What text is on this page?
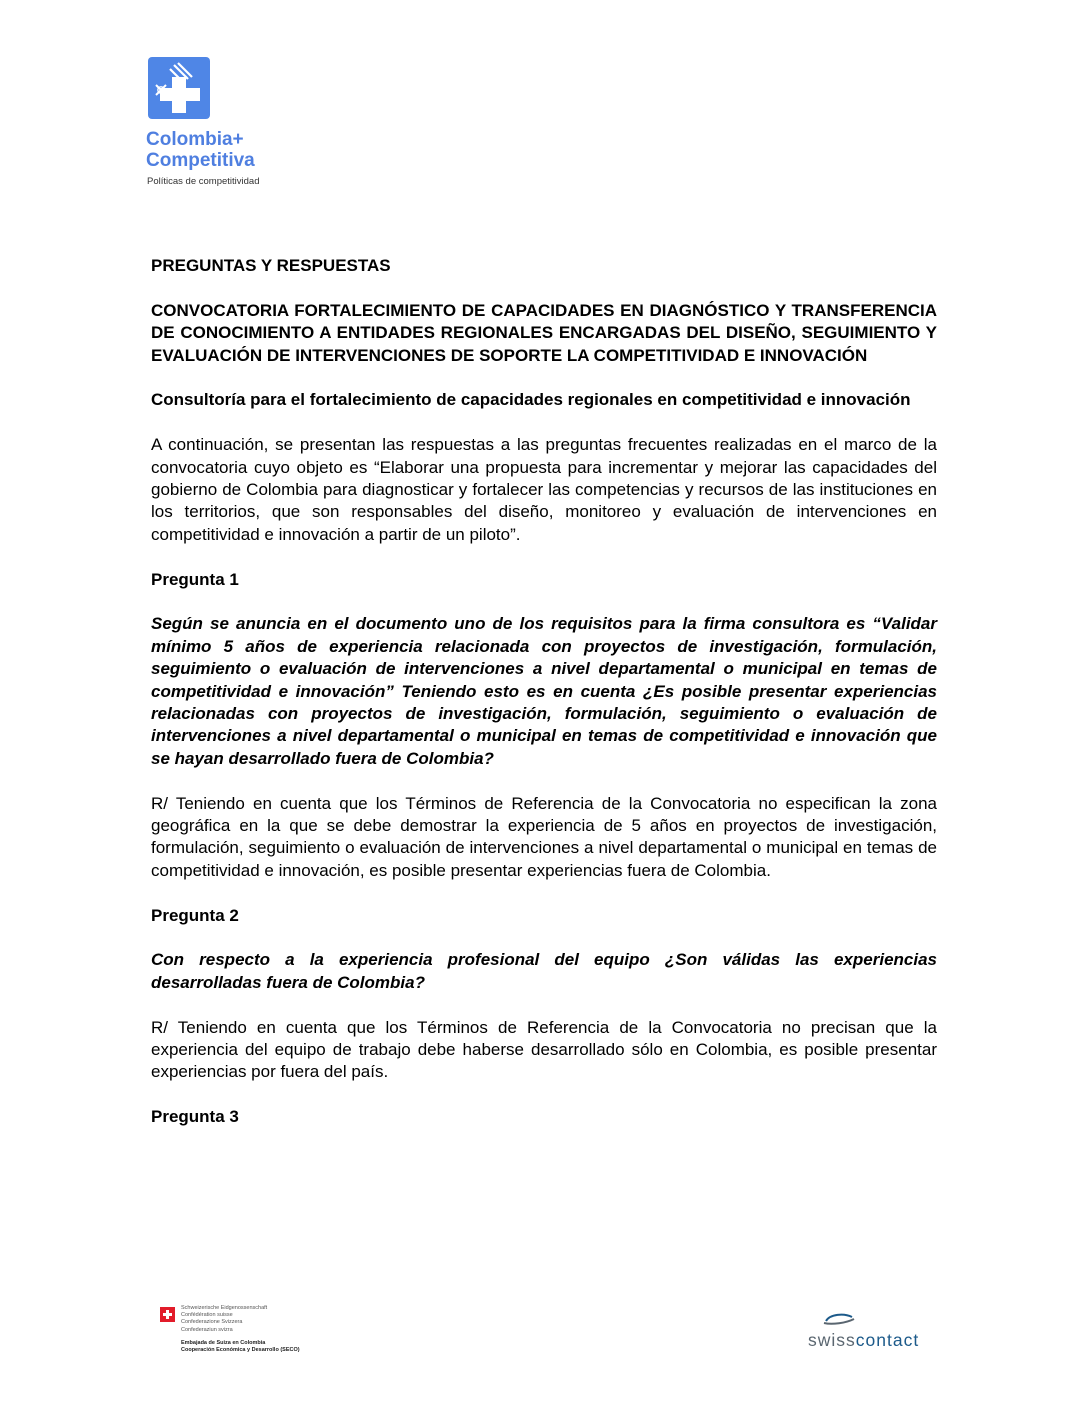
Colombia+
Competitiva
Políticas de competitividad

PREGUNTAS Y RESPUESTAS

CONVOCATORIA FORTALECIMIENTO DE CAPACIDADES EN DIAGNÓSTICO Y TRANSFERENCIA DE CONOCIMIENTO A ENTIDADES REGIONALES ENCARGADAS DEL DISEÑO, SEGUIMIENTO Y EVALUACIÓN DE INTERVENCIONES DE SOPORTE LA COMPETITIVIDAD E INNOVACIÓN

Consultoría para el fortalecimiento de capacidades regionales en competitividad e innovación

A continuación, se presentan las respuestas a las preguntas frecuentes realizadas en el marco de la convocatoria cuyo objeto es “Elaborar una propuesta para incrementar y mejorar las capacidades del gobierno de Colombia para diagnosticar y fortalecer las competencias y recursos de las instituciones en los territorios, que son responsables del diseño, monitoreo y evaluación de intervenciones en competitividad e innovación a partir de un piloto”.

Pregunta 1

Según se anuncia en el documento uno de los requisitos para la firma consultora es “Validar mínimo 5 años de experiencia relacionada con proyectos de investigación, formulación, seguimiento o evaluación de intervenciones a nivel departamental o municipal en temas de competitividad e innovación” Teniendo esto es en cuenta ¿Es posible presentar experiencias relacionadas con proyectos de investigación, formulación, seguimiento o evaluación de intervenciones a nivel departamental o municipal en temas de competitividad e innovación que se hayan desarrollado fuera de Colombia?

R/ Teniendo en cuenta que los Términos de Referencia de la Convocatoria no especifican la zona geográfica en la que se debe demostrar la experiencia de 5 años en proyectos de investigación, formulación, seguimiento o evaluación de intervenciones a nivel departamental o municipal en temas de competitividad e innovación, es posible presentar experiencias fuera de Colombia.

Pregunta 2

Con respecto a la experiencia profesional del equipo ¿Son válidas las experiencias desarrolladas fuera de Colombia?

R/ Teniendo en cuenta que los Términos de Referencia de la Convocatoria no precisan que la experiencia del equipo de trabajo debe haberse desarrollado sólo en Colombia, es posible presentar experiencias por fuera del país.

Pregunta 3

Schweizerische Eidgenossenschaft
Confédération suisse
Confederazione Svizzera
Confederaziun svizra
Embajada de Suiza en Colombia
Cooperación Económica y Desarrollo (SECO)
swisscontact
